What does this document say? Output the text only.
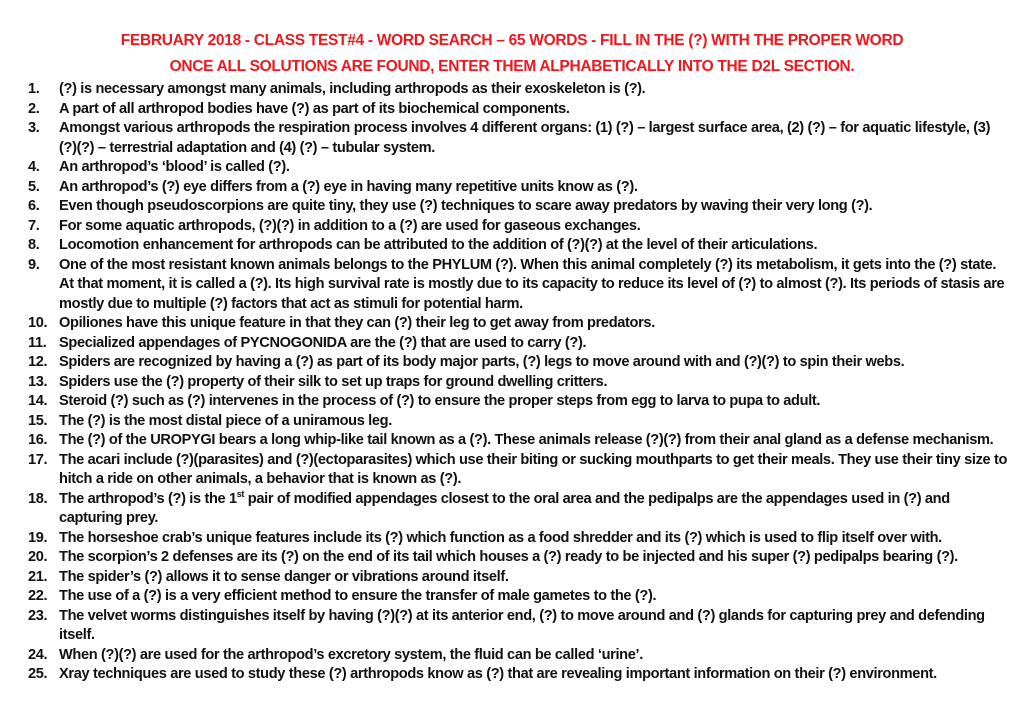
FEBRUARY 2018 - CLASS TEST#4 - WORD SEARCH – 65 WORDS - FILL IN THE (?) WITH THE PROPER WORD
ONCE ALL SOLUTIONS ARE FOUND, ENTER THEM ALPHABETICALLY INTO THE D2L SECTION.
1.	(?) is necessary amongst many animals, including arthropods as their exoskeleton is (?).
2.	A part of all arthropod bodies have (?) as part of its biochemical components.
3.	Amongst various arthropods the respiration process involves 4 different organs: (1) (?) – largest surface area, (2) (?) – for aquatic lifestyle, (3) (?)(?) – terrestrial adaptation and (4) (?) – tubular system.
4.	An arthropod’s ‘blood’ is called (?).
5.	An arthropod’s (?) eye differs from a (?) eye in having many repetitive units know as (?).
6.	Even though pseudoscorpions are quite tiny, they use (?) techniques to scare away predators by waving their very long (?).
7.	For some aquatic arthropods, (?)(?) in addition to a (?) are used for gaseous exchanges.
8.	Locomotion enhancement for arthropods can be attributed to the addition of (?)(?) at the level of their articulations.
9.	One of the most resistant known animals belongs to the PHYLUM (?). When this animal completely (?) its metabolism, it gets into the (?) state. At that moment, it is called a (?). Its high survival rate is mostly due to its capacity to reduce its level of (?) to almost (?). Its periods of stasis are mostly due to multiple (?) factors that act as stimuli for potential harm.
10. Opiliones have this unique feature in that they can (?) their leg to get away from predators.
11. Specialized appendages of PYCNOGONIDA are the (?) that are used to carry (?).
12. Spiders are recognized by having a (?) as part of its body major parts, (?) legs to move around with and (?)(?) to spin their webs.
13. Spiders use the (?) property of their silk to set up traps for ground dwelling critters.
14. Steroid (?) such as (?) intervenes in the process of (?) to ensure the proper steps from egg to larva to pupa to adult.
15. The (?) is the most distal piece of a uniramous leg.
16. The (?) of the UROPYGI bears a long whip-like tail known as a (?). These animals release (?)(?) from their anal gland as a defense mechanism.
17. The acari include (?)(parasites) and (?)(ectoparasites) which use their biting or sucking mouthparts to get their meals. They use their tiny size to hitch a ride on other animals, a behavior that is known as (?).
18. The arthropod’s (?) is the 1st pair of modified appendages closest to the oral area and the pedipalps are the appendages used in (?) and capturing prey.
19. The horseshoe crab’s unique features include its (?) which function as a food shredder and its (?) which is used to flip itself over with.
20. The scorpion’s 2 defenses are its (?) on the end of its tail which houses a (?) ready to be injected and his super (?) pedipalps bearing (?).
21. The spider’s (?) allows it to sense danger or vibrations around itself.
22. The use of a (?) is a very efficient method to ensure the transfer of male gametes to the (?).
23. The velvet worms distinguishes itself by having (?)(?) at its anterior end, (?) to move around and (?) glands for capturing prey and defending itself.
24. When (?)(?) are used for the arthropod’s excretory system, the fluid can be called ‘urine’.
25. Xray techniques are used to study these (?) arthropods know as (?) that are revealing important information on their (?) environment.
